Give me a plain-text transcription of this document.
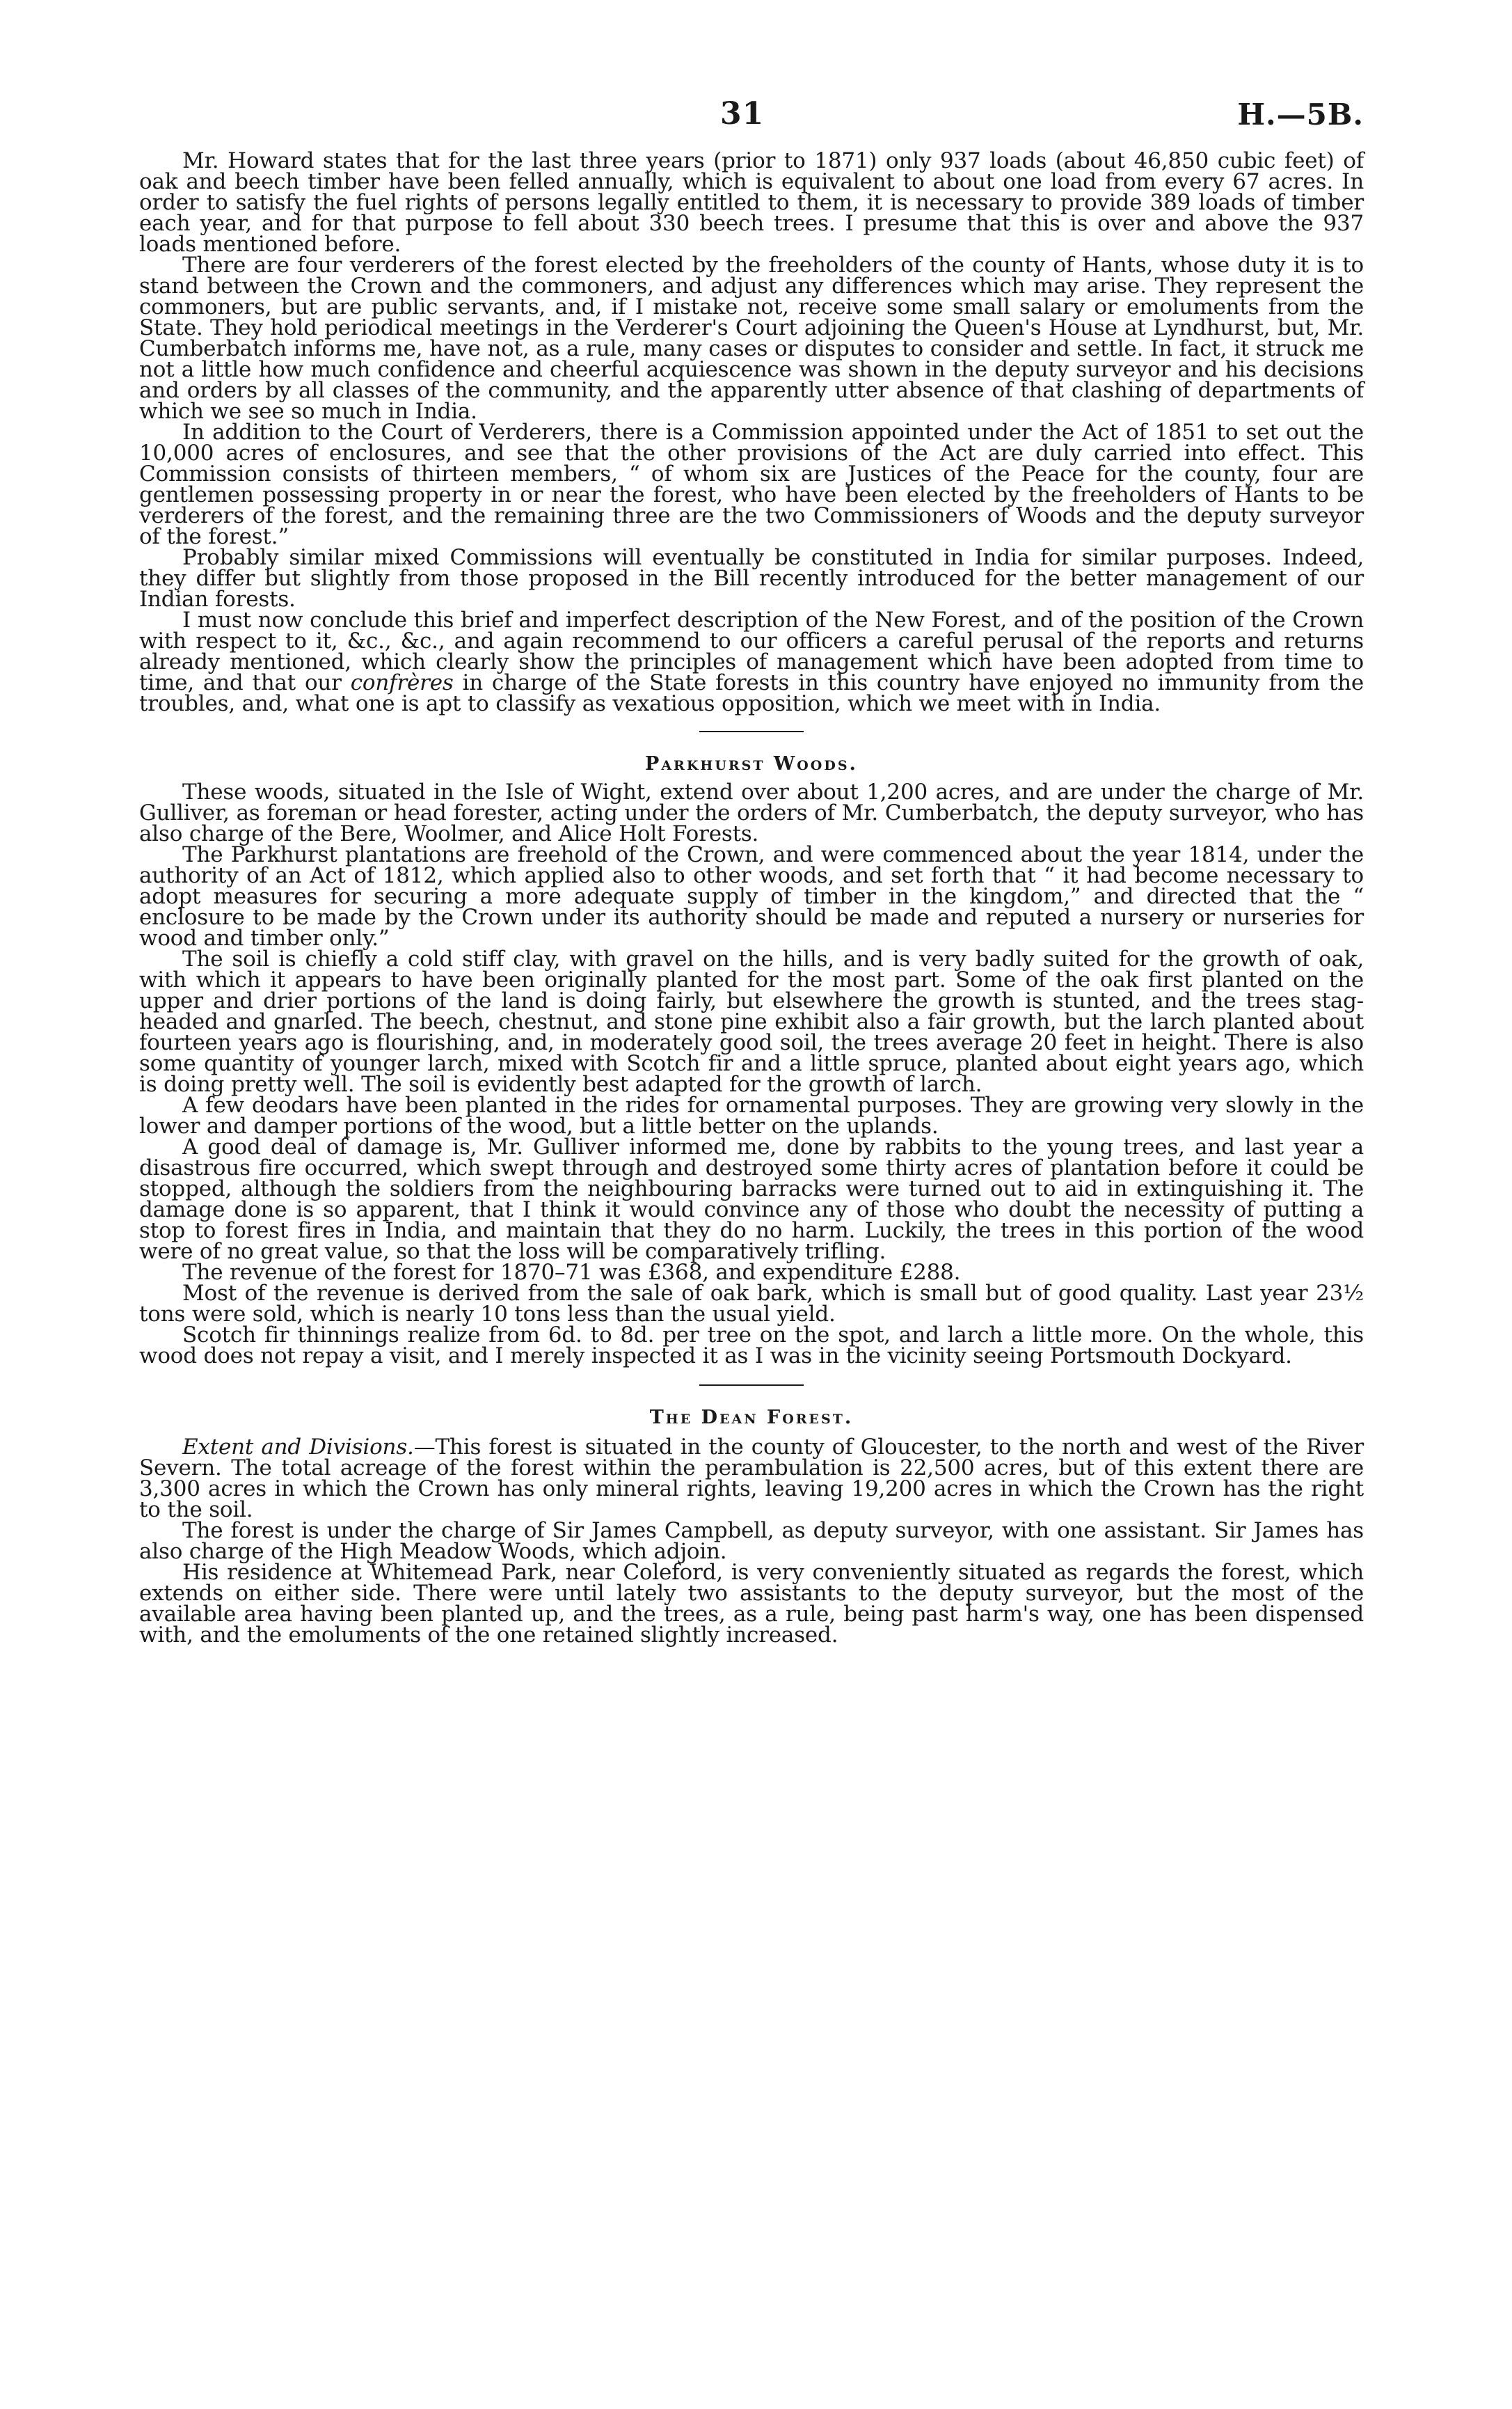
31	H.—5B.

Mr. Howard states that for the last three years (prior to 1871) only 937 loads (about 46,850 cubic feet) of oak and beech timber have been felled annually, which is equivalent to about one load from every 67 acres. In order to satisfy the fuel rights of persons legally entitled to them, it is necessary to provide 389 loads of timber each year, and for that purpose to fell about 330 beech trees. I presume that this is over and above the 937 loads mentioned before.

There are four verderers of the forest elected by the freeholders of the county of Hants, whose duty it is to stand between the Crown and the commoners, and adjust any differences which may arise. They represent the commoners, but are public servants, and, if I mistake not, receive some small salary or emoluments from the State. They hold periodical meetings in the Verderer's Court adjoining the Queen's House at Lyndhurst, but, Mr. Cumberbatch informs me, have not, as a rule, many cases or disputes to consider and settle. In fact, it struck me not a little how much confidence and cheerful acquiescence was shown in the deputy surveyor and his decisions and orders by all classes of the community, and the apparently utter absence of that clashing of departments of which we see so much in India.

In addition to the Court of Verderers, there is a Commission appointed under the Act of 1851 to set out the 10,000 acres of enclosures, and see that the other provisions of the Act are duly carried into effect. This Commission consists of thirteen members, “ of whom six are Justices of the Peace for the county, four are gentlemen possessing property in or near the forest, who have been elected by the freeholders of Hants to be verderers of the forest, and the remaining three are the two Commissioners of Woods and the deputy surveyor of the forest.”

Probably similar mixed Commissions will eventually be constituted in India for similar purposes. Indeed, they differ but slightly from those proposed in the Bill recently introduced for the better management of our Indian forests.

I must now conclude this brief and imperfect description of the New Forest, and of the position of the Crown with respect to it, &c., &c., and again recommend to our officers a careful perusal of the reports and returns already mentioned, which clearly show the principles of management which have been adopted from time to time, and that our confrères in charge of the State forests in this country have enjoyed no immunity from the troubles, and, what one is apt to classify as vexatious opposition, which we meet with in India.

Parkhurst Woods.

These woods, situated in the Isle of Wight, extend over about 1,200 acres, and are under the charge of Mr. Gulliver, as foreman or head forester, acting under the orders of Mr. Cumberbatch, the deputy surveyor, who has also charge of the Bere, Woolmer, and Alice Holt Forests.

The Parkhurst plantations are freehold of the Crown, and were commenced about the year 1814, under the authority of an Act of 1812, which applied also to other woods, and set forth that “ it had become necessary to adopt measures for securing a more adequate supply of timber in the kingdom,” and directed that the “ enclosure to be made by the Crown under its authority should be made and reputed a nursery or nurseries for wood and timber only.”

The soil is chiefly a cold stiff clay, with gravel on the hills, and is very badly suited for the growth of oak, with which it appears to have been originally planted for the most part. Some of the oak first planted on the upper and drier portions of the land is doing fairly, but elsewhere the growth is stunted, and the trees stag-headed and gnarled. The beech, chestnut, and stone pine exhibit also a fair growth, but the larch planted about fourteen years ago is flourishing, and, in moderately good soil, the trees average 20 feet in height. There is also some quantity of younger larch, mixed with Scotch fir and a little spruce, planted about eight years ago, which is doing pretty well. The soil is evidently best adapted for the growth of larch.

A few deodars have been planted in the rides for ornamental purposes. They are growing very slowly in the lower and damper portions of the wood, but a little better on the uplands.

A good deal of damage is, Mr. Gulliver informed me, done by rabbits to the young trees, and last year a disastrous fire occurred, which swept through and destroyed some thirty acres of plantation before it could be stopped, although the soldiers from the neighbouring barracks were turned out to aid in extinguishing it. The damage done is so apparent, that I think it would convince any of those who doubt the necessity of putting a stop to forest fires in India, and maintain that they do no harm. Luckily, the trees in this portion of the wood were of no great value, so that the loss will be comparatively trifling.

The revenue of the forest for 1870–71 was £368, and expenditure £288.

Most of the revenue is derived from the sale of oak bark, which is small but of good quality. Last year 23½ tons were sold, which is nearly 10 tons less than the usual yield.

Scotch fir thinnings realize from 6d. to 8d. per tree on the spot, and larch a little more. On the whole, this wood does not repay a visit, and I merely inspected it as I was in the vicinity seeing Portsmouth Dockyard.

The Dean Forest.

Extent and Divisions.—This forest is situated in the county of Gloucester, to the north and west of the River Severn. The total acreage of the forest within the perambulation is 22,500 acres, but of this extent there are 3,300 acres in which the Crown has only mineral rights, leaving 19,200 acres in which the Crown has the right to the soil.

The forest is under the charge of Sir James Campbell, as deputy surveyor, with one assistant. Sir James has also charge of the High Meadow Woods, which adjoin.

His residence at Whitemead Park, near Coleford, is very conveniently situated as regards the forest, which extends on either side. There were until lately two assistants to the deputy surveyor, but the most of the available area having been planted up, and the trees, as a rule, being past harm's way, one has been dispensed with, and the emoluments of the one retained slightly increased.
